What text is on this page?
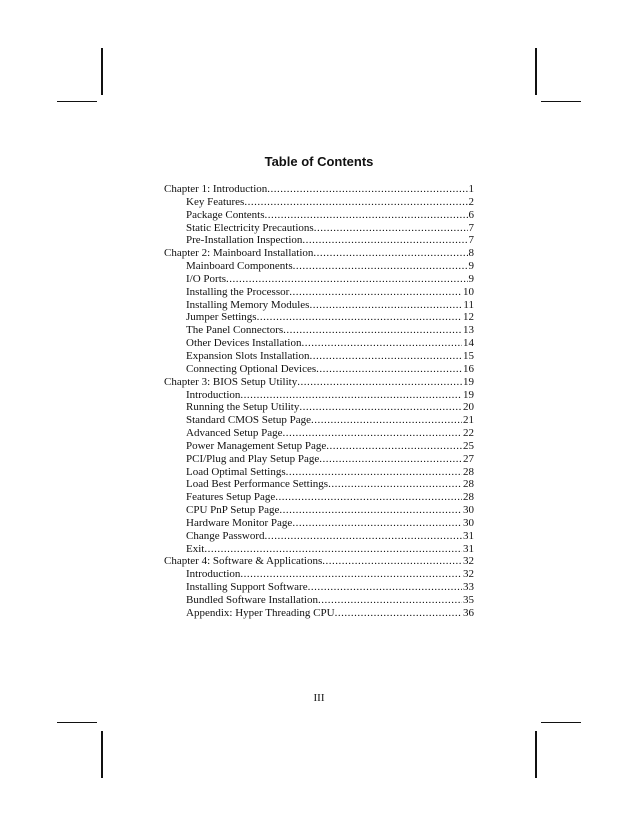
Table of Contents
Chapter 1: Introduction .....	1
Key Features .....	2
Package Contents .....	6
Static Electricity Precautions .....	7
Pre-Installation Inspection .....	7
Chapter 2: Mainboard Installation .....	8
Mainboard Components .....	9
I/O Ports .....	9
Installing the Processor .....	10
Installing Memory Modules .....	11
Jumper Settings .....	12
The Panel Connectors .....	13
Other Devices Installation .....	14
Expansion Slots Installation .....	15
Connecting Optional Devices .....	16
Chapter 3: BIOS Setup Utility .....	19
Introduction .....	19
Running the Setup Utility .....	20
Standard CMOS Setup Page .....	21
Advanced Setup Page .....	22
Power Management Setup Page .....	25
PCI/Plug and Play Setup Page .....	27
Load Optimal Settings .....	28
Load Best Performance Settings .....	28
Features Setup Page .....	28
CPU PnP Setup Page .....	30
Hardware Monitor Page .....	30
Change Password .....	31
Exit .....	31
Chapter 4: Software & Applications .....	32
Introduction .....	32
Installing Support Software .....	33
Bundled Software Installation .....	35
Appendix: Hyper Threading CPU .....	36
III
